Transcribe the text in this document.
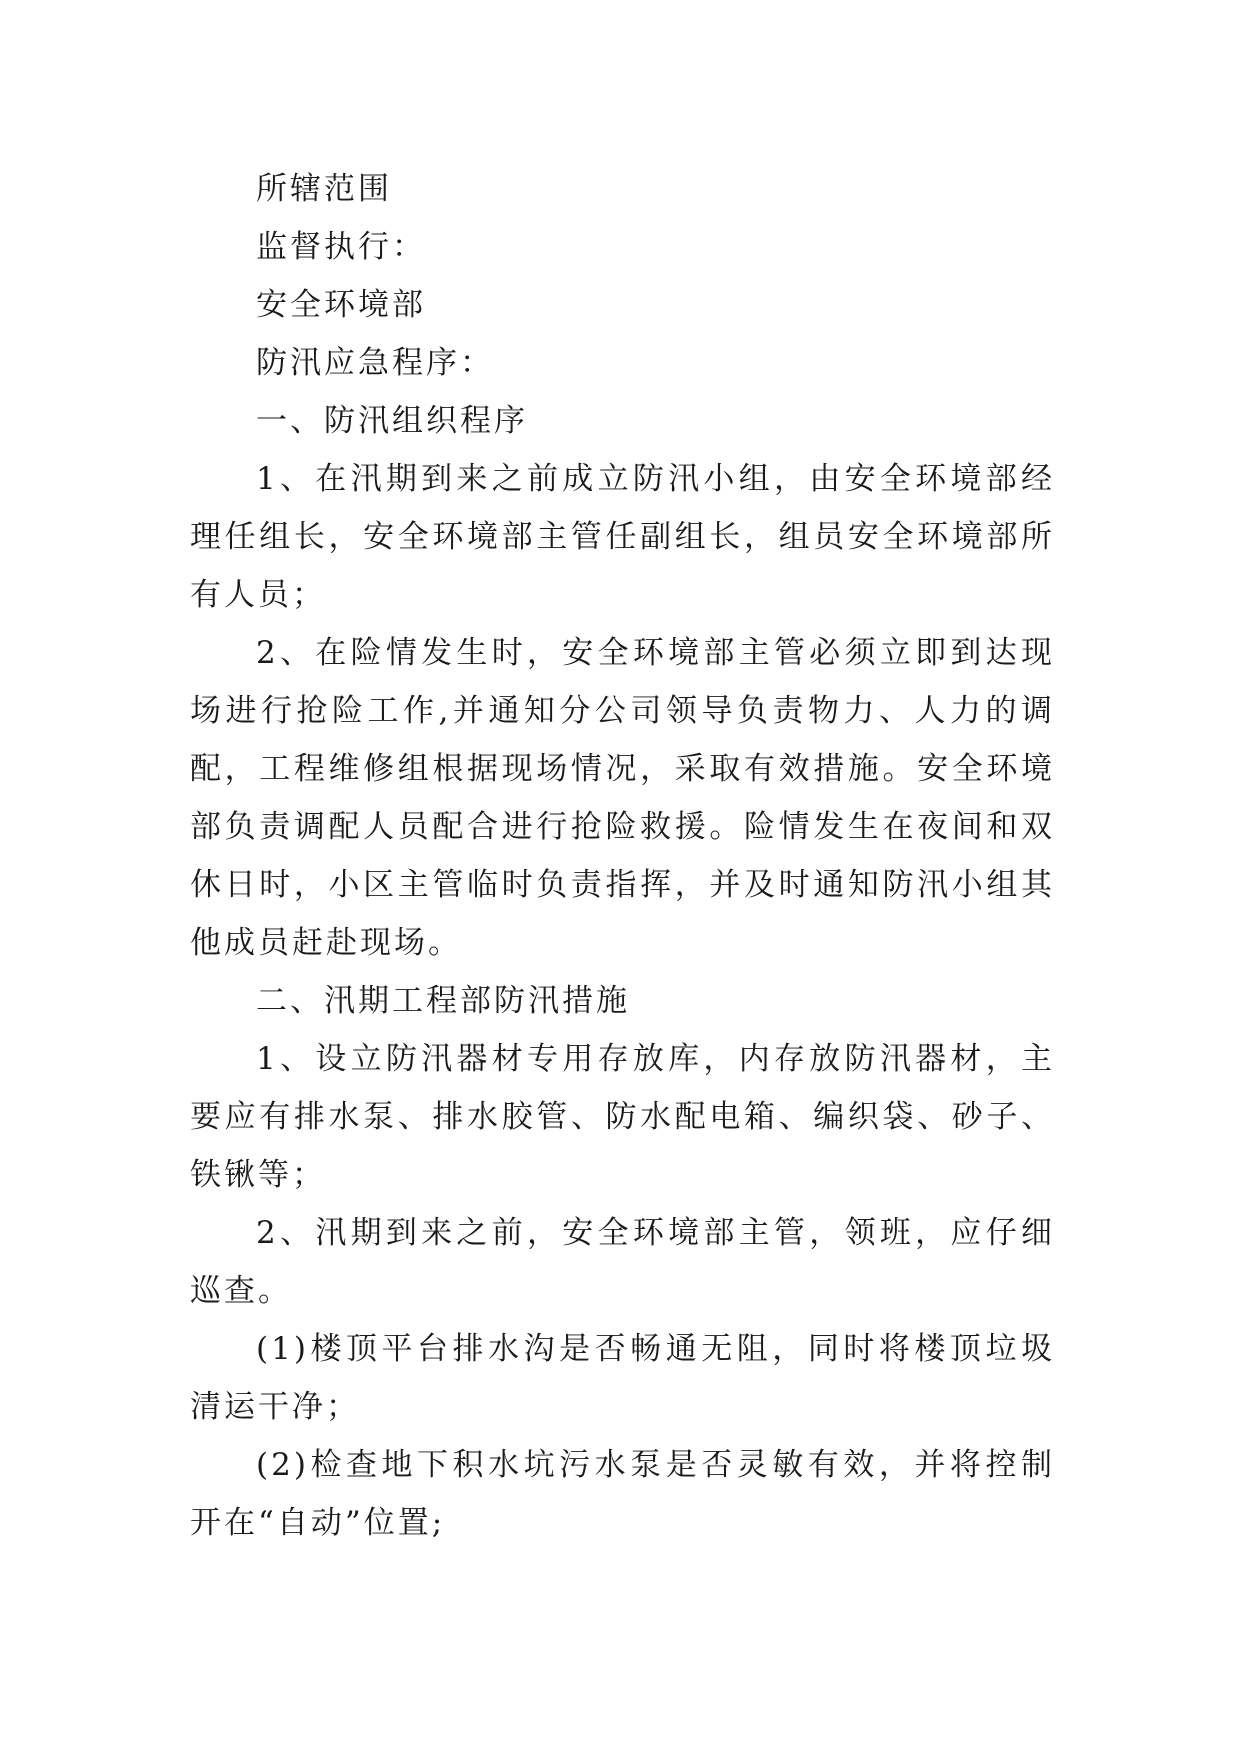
所辖范围

监督执行：

安全环境部

防汛应急程序：

一、防汛组织程序

1、在汛期到来之前成立防汛小组，由安全环境部经理任组长，安全环境部主管任副组长，组员安全环境部所有人员；

2、在险情发生时，安全环境部主管必须立即到达现场进行抢险工作,并通知分公司领导负责物力、人力的调配，工程维修组根据现场情况，采取有效措施。安全环境部负责调配人员配合进行抢险救援。险情发生在夜间和双休日时，小区主管临时负责指挥，并及时通知防汛小组其他成员赶赴现场。

二、汛期工程部防汛措施

1、设立防汛器材专用存放库，内存放防汛器材，主要应有排水泵、排水胶管、防水配电箱、编织袋、砂子、铁锹等；

2、汛期到来之前，安全环境部主管，领班，应仔细巡查。

(1)楼顶平台排水沟是否畅通无阻，同时将楼顶垃圾清运干净；

(2)检查地下积水坑污水泵是否灵敏有效，并将控制开在“自动”位置;
